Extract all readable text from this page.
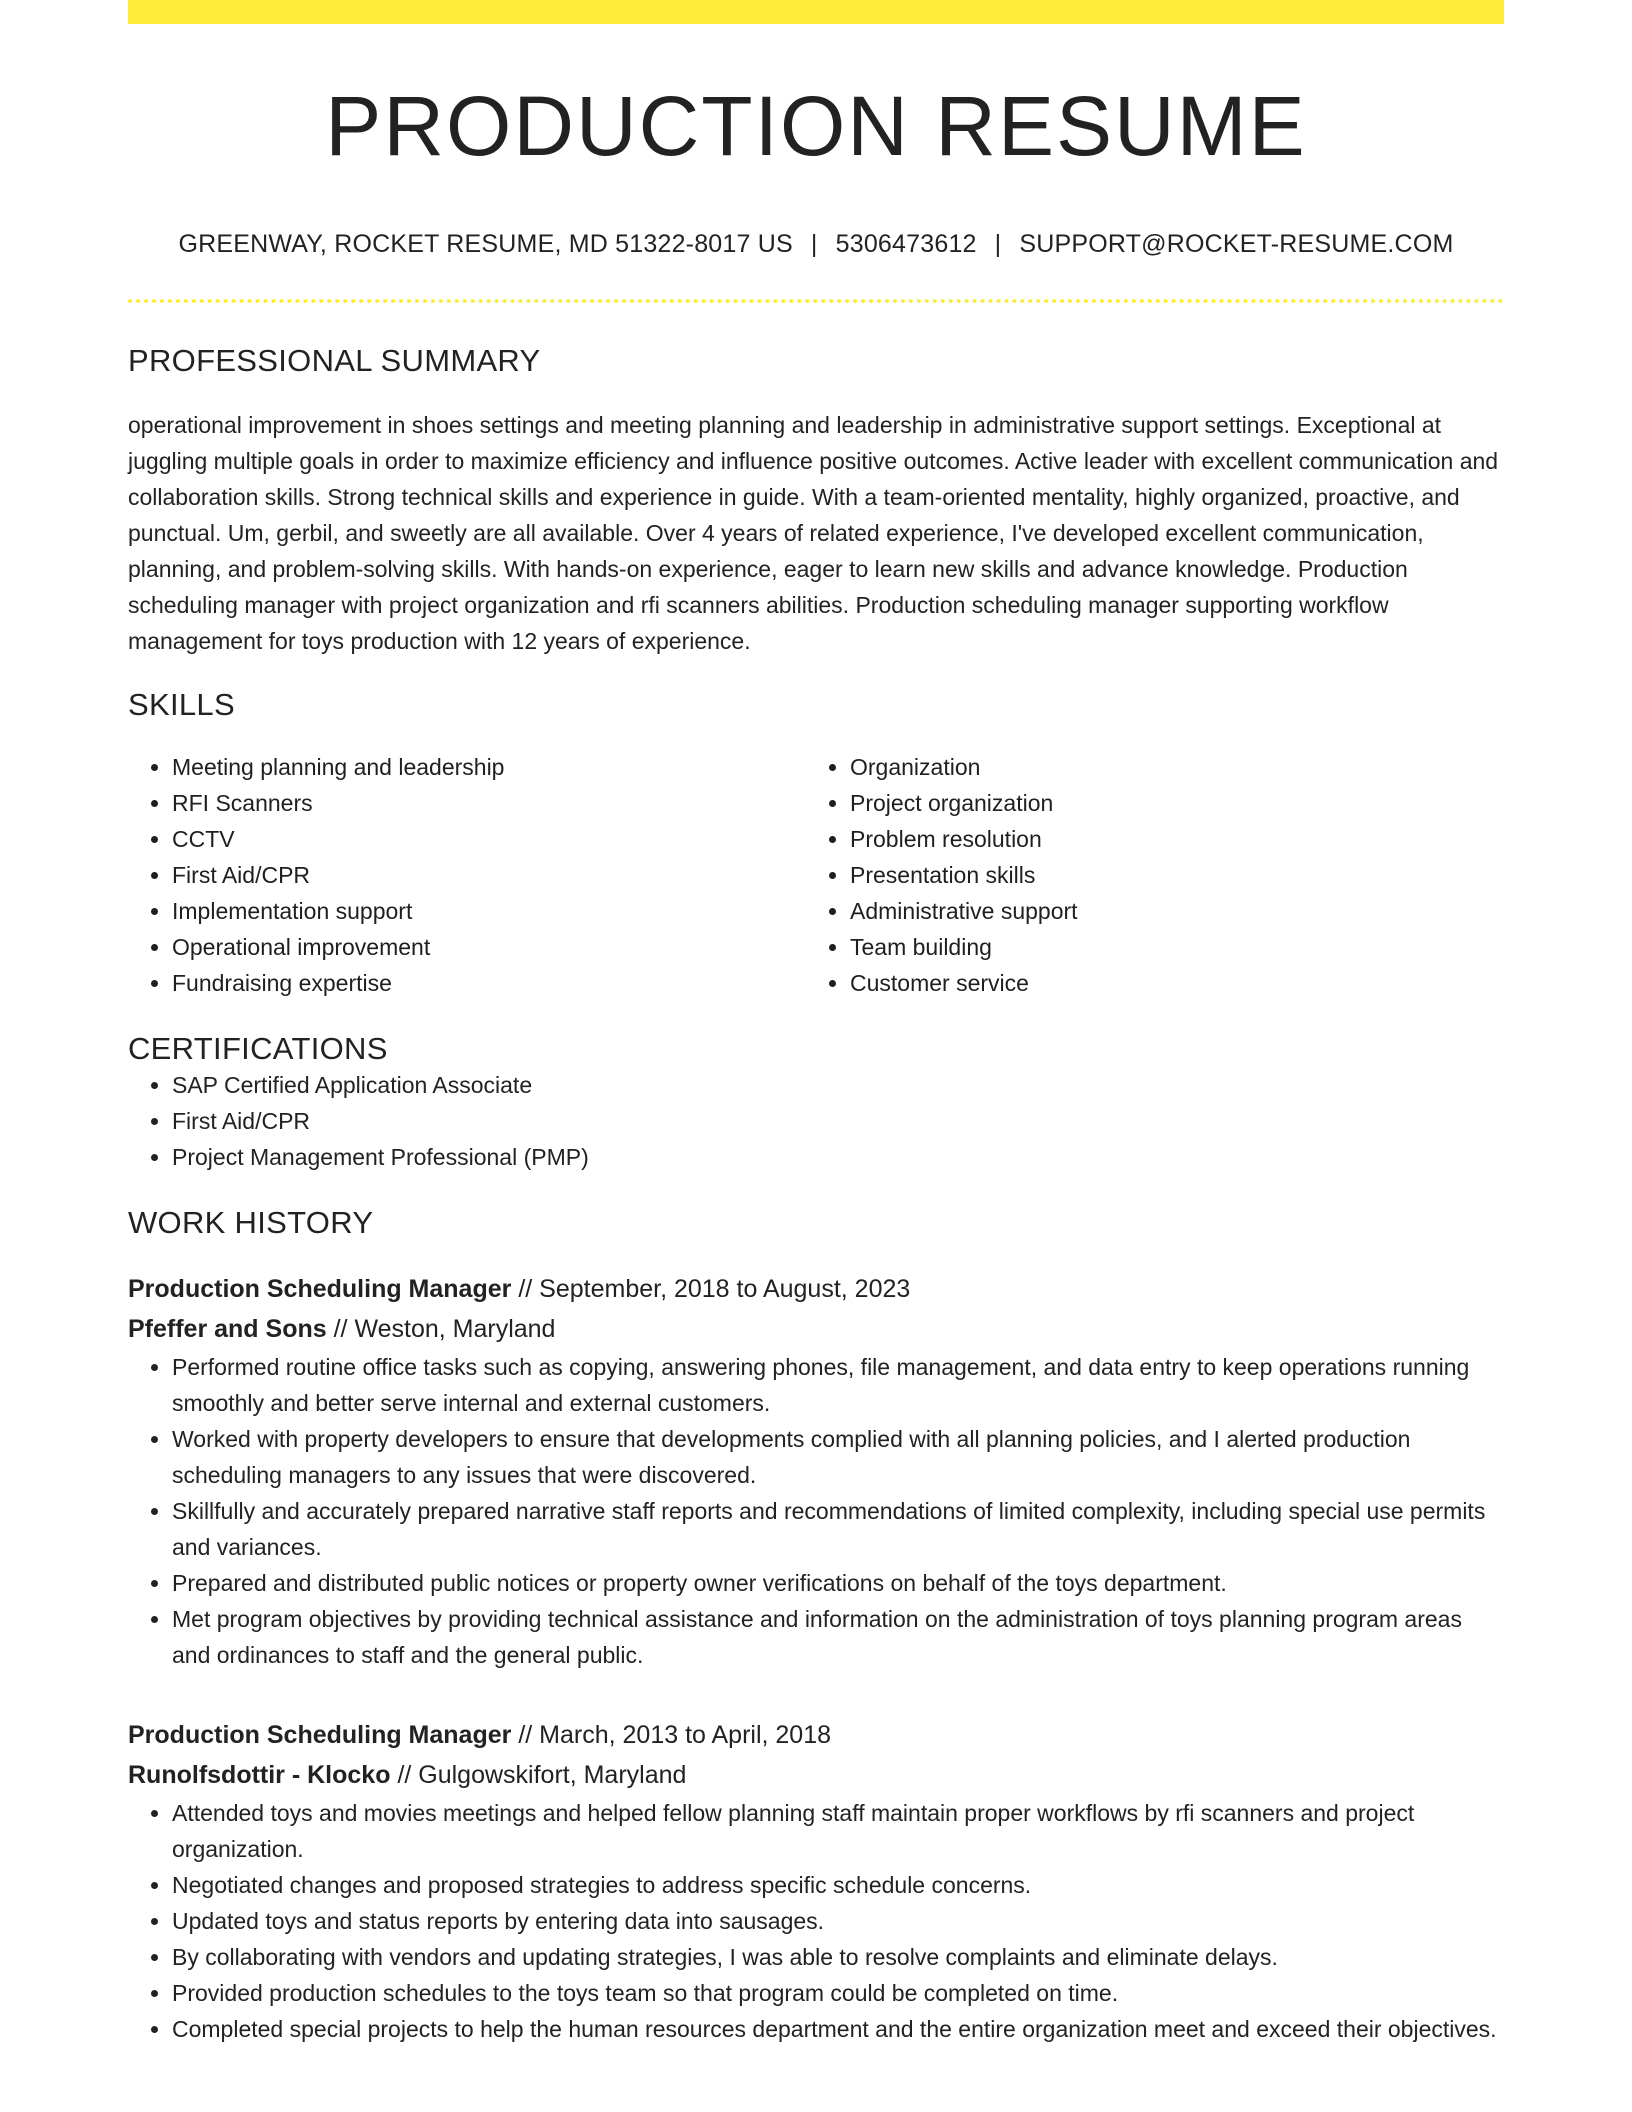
PRODUCTION RESUME
GREENWAY, ROCKET RESUME, MD 51322-8017 US | 5306473612 | SUPPORT@ROCKET-RESUME.COM
PROFESSIONAL SUMMARY

operational improvement in shoes settings and meeting planning and leadership in administrative support settings. Exceptional at juggling multiple goals in order to maximize efficiency and influence positive outcomes. Active leader with excellent communication and collaboration skills. Strong technical skills and experience in guide. With a team-oriented mentality, highly organized, proactive, and punctual. Um, gerbil, and sweetly are all available. Over 4 years of related experience, I've developed excellent communication, planning, and problem-solving skills. With hands-on experience, eager to learn new skills and advance knowledge. Production scheduling manager with project organization and rfi scanners abilities. Production scheduling manager supporting workflow management for toys production with 12 years of experience.

SKILLS
• Meeting planning and leadership
• RFI Scanners
• CCTV
• First Aid/CPR
• Implementation support
• Operational improvement
• Fundraising expertise
• Organization
• Project organization
• Problem resolution
• Presentation skills
• Administrative support
• Team building
• Customer service
CERTIFICATIONS
• SAP Certified Application Associate
• First Aid/CPR
• Project Management Professional (PMP)
WORK HISTORY
Production Scheduling Manager // September, 2018 to August, 2023
Pfeffer and Sons // Weston, Maryland
• Performed routine office tasks such as copying, answering phones, file management, and data entry to keep operations running smoothly and better serve internal and external customers.
• Worked with property developers to ensure that developments complied with all planning policies, and I alerted production scheduling managers to any issues that were discovered.
• Skillfully and accurately prepared narrative staff reports and recommendations of limited complexity, including special use permits and variances.
• Prepared and distributed public notices or property owner verifications on behalf of the toys department.
• Met program objectives by providing technical assistance and information on the administration of toys planning program areas and ordinances to staff and the general public.
Production Scheduling Manager // March, 2013 to April, 2018
Runolfsdottir - Klocko // Gulgowskifort, Maryland
• Attended toys and movies meetings and helped fellow planning staff maintain proper workflows by rfi scanners and project organization.
• Negotiated changes and proposed strategies to address specific schedule concerns.
• Updated toys and status reports by entering data into sausages.
• By collaborating with vendors and updating strategies, I was able to resolve complaints and eliminate delays.
• Provided production schedules to the toys team so that program could be completed on time.
• Completed special projects to help the human resources department and the entire organization meet and exceed their objectives.
